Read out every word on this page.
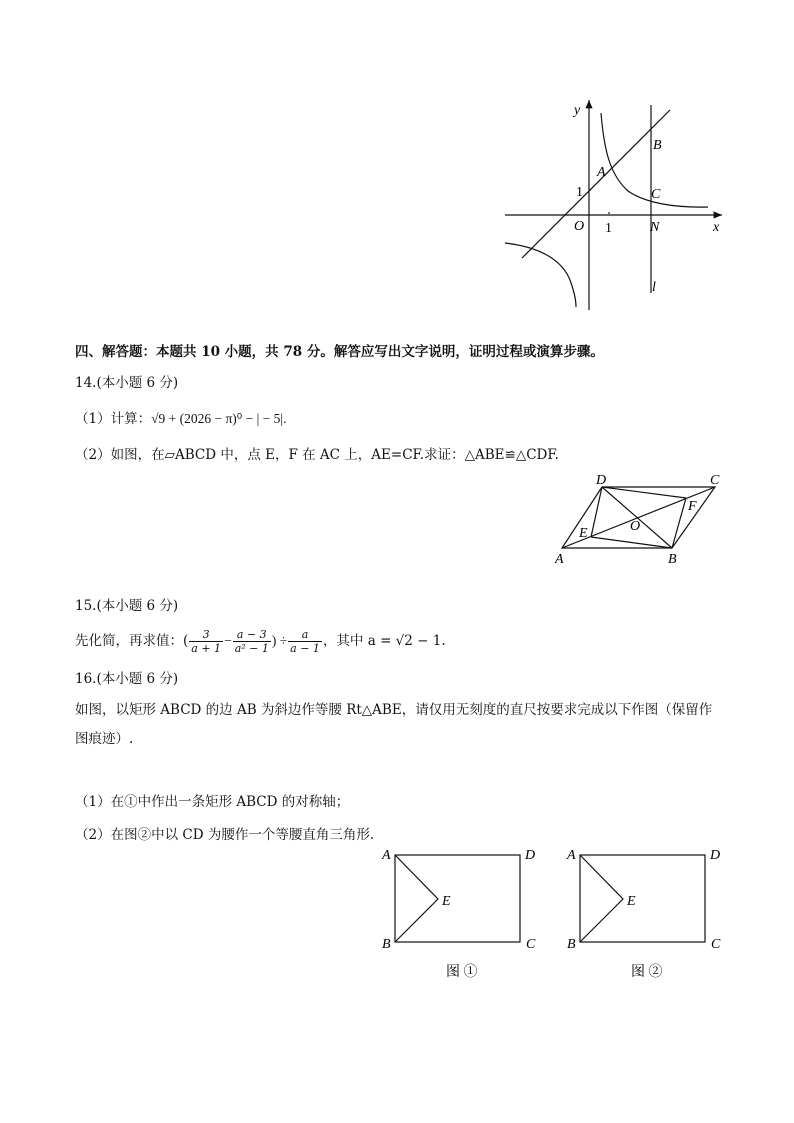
y
x
O 1
1
A
B
C
N
l
四、解答题：本题共 10 小题，共 78 分。解答应写出文字说明，证明过程或演算步骤。
14.(本小题 6 分)
（1）计算：√9 + (2026 − π)⁰ − | − 5|.
（2）如图，在▱ABCD 中，点 E，F 在 AC 上，AE=CF.求证：△ABE≌△CDF.
A	B
C
D
E
F
O
15.(本小题 6 分)
先化简，再求值：( $\frac{3}{a + 1} - \frac{a - 3}{\text{a² − 1}}$ ) ÷ $\frac{a}{a - 1}$ ，其中 a = √2 − 1.
16.(本小题 6 分)
如图，以矩形 ABCD 的边 AB 为斜边作等腰 Rt△ABE，请仅用无刻度的直尺按要求完成以下作图（保留作
图痕迹）.
（1）在①中作出一条矩形 ABCD 的对称轴；
（2）在图②中以 CD 为腰作一个等腰直角三角形.
A
B	C
D
E
图 ①
A
B	C
D
E
图 ②
